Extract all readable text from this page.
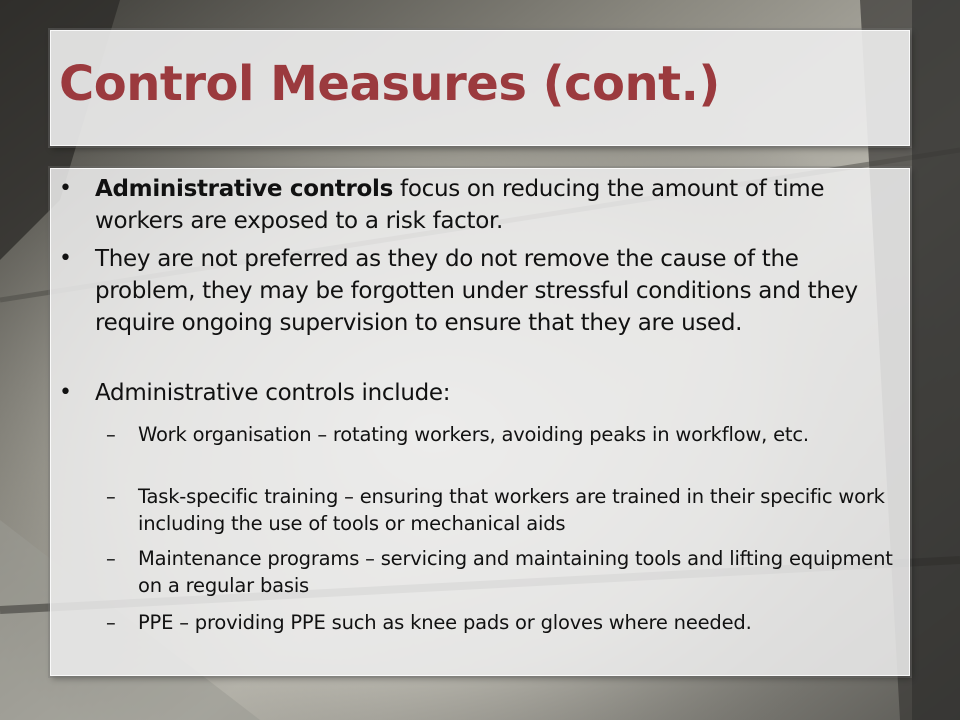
Control Measures (cont.)
• Administrative controls focus on reducing the amount of time workers are exposed to a risk factor.
• They are not preferred as they do not remove the cause of the problem, they may be forgotten under stressful conditions and they require ongoing supervision to ensure that they are used.
• Administrative controls include:
– Work organisation – rotating workers, avoiding peaks in workflow, etc.
– Task-specific training – ensuring that workers are trained in their specific work including the use of tools or mechanical aids
– Maintenance programs – servicing and maintaining tools and lifting equipment on a regular basis
– PPE – providing PPE such as knee pads or gloves where needed.
